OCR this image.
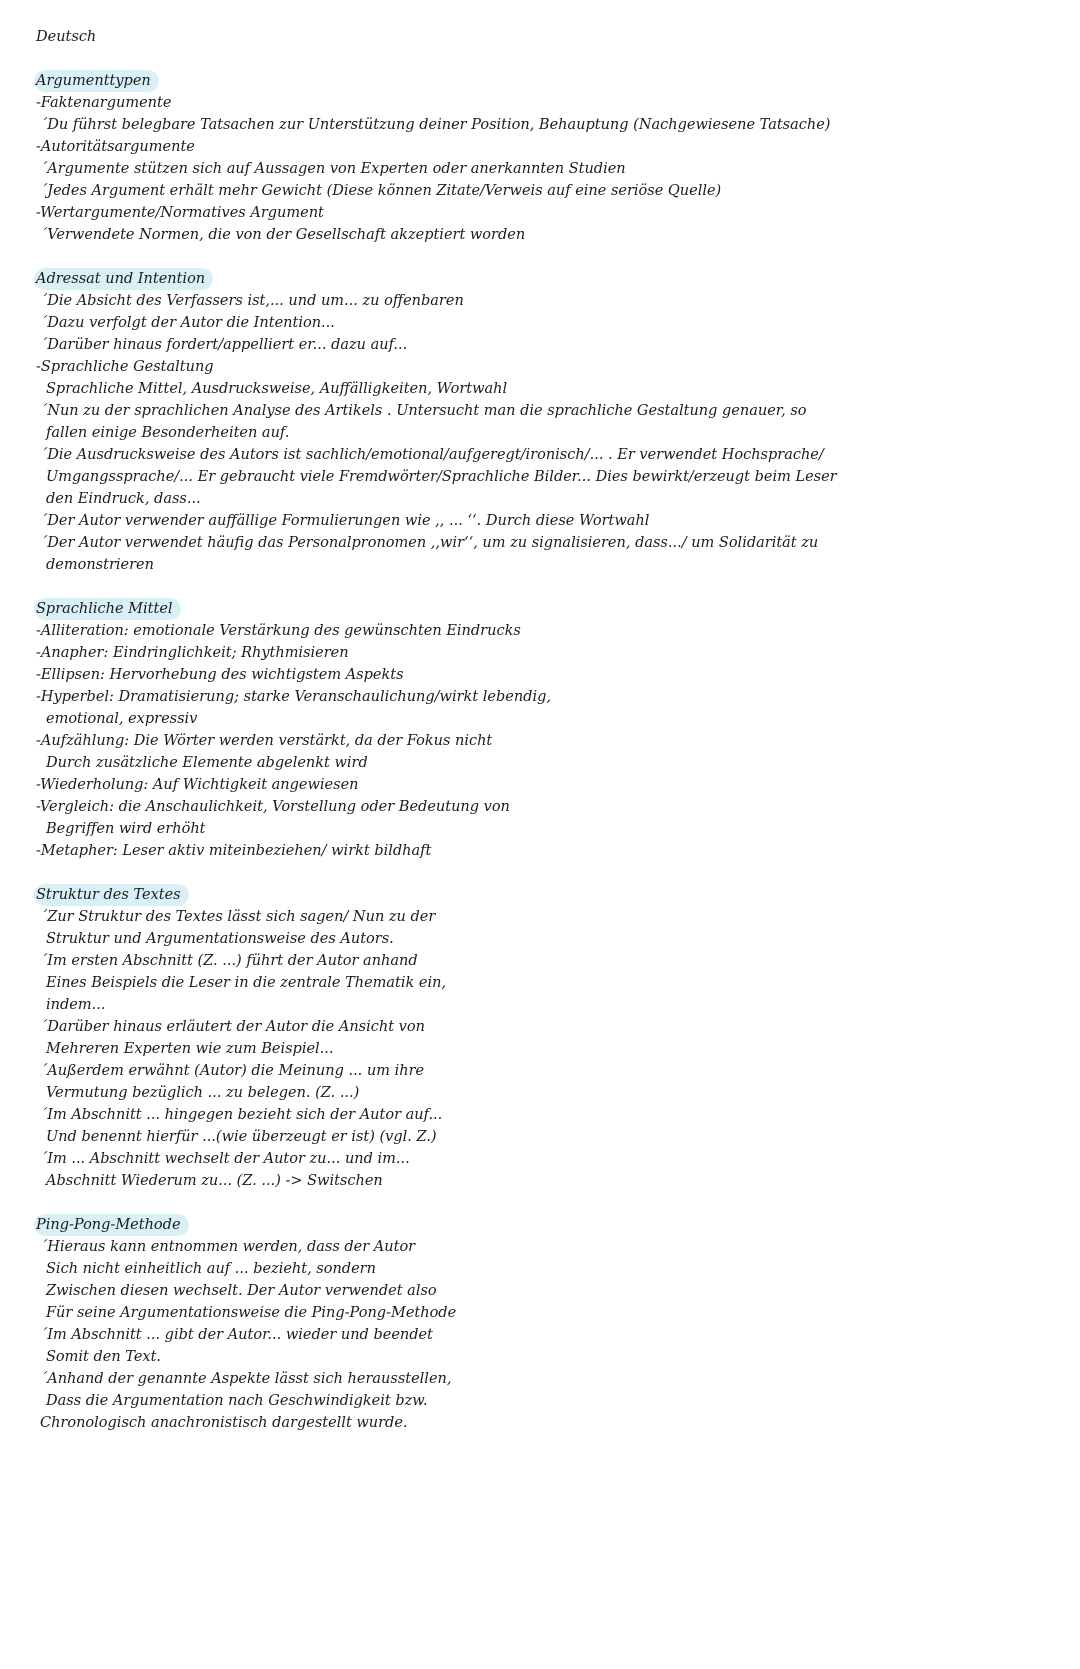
Deutsch
Argumenttypen
-Faktenargumente
´Du führst belegbare Tatsachen zur Unterstützung deiner Position, Behauptung (Nachgewiesene Tatsache)
-Autoritätsargumente
´Argumente stützen sich auf Aussagen von Experten oder anerkannten Studien
´Jedes Argument erhält mehr Gewicht (Diese können Zitate/Verweis auf eine seriöse Quelle)
-Wertargumente/Normatives Argument
´Verwendete Normen, die von der Gesellschaft akzeptiert worden
Adressat und Intention
´Die Absicht des Verfassers ist,... und um... zu offenbaren
´Dazu verfolgt der Autor die Intention...
´Darüber hinaus fordert/appelliert er... dazu auf...
-Sprachliche Gestaltung
Sprachliche Mittel, Ausdrucksweise, Auffälligkeiten, Wortwahl
´Nun zu der sprachlichen Analyse des Artikels . Untersucht man die sprachliche Gestaltung genauer, so
fallen einige Besonderheiten auf.
´Die Ausdrucksweise des Autors ist sachlich/emotional/aufgeregt/ironisch/... . Er verwendet Hochsprache/
Umgangssprache/... Er gebraucht viele Fremdwörter/Sprachliche Bilder... Dies bewirkt/erzeugt beim Leser
den Eindruck, dass...
´Der Autor verwender auffällige Formulierungen wie ,, ... ‘‘. Durch diese Wortwahl
´Der Autor verwendet häufig das Personalpronomen ,,wir‘‘, um zu signalisieren, dass.../ um Solidarität zu
demonstrieren
Sprachliche Mittel
-Alliteration: emotionale Verstärkung des gewünschten Eindrucks
-Anapher: Eindringlichkeit; Rhythmisieren
-Ellipsen: Hervorhebung des wichtigstem Aspekts
-Hyperbel: Dramatisierung; starke Veranschaulichung/wirkt lebendig,
emotional, expressiv
-Aufzählung: Die Wörter werden verstärkt, da der Fokus nicht
Durch zusätzliche Elemente abgelenkt wird
-Wiederholung: Auf Wichtigkeit angewiesen
-Vergleich: die Anschaulichkeit, Vorstellung oder Bedeutung von
Begriffen wird erhöht
-Metapher: Leser aktiv miteinbeziehen/ wirkt bildhaft
Struktur des Textes
´Zur Struktur des Textes lässt sich sagen/ Nun zu der
Struktur und Argumentationsweise des Autors.
´Im ersten Abschnitt (Z. ...) führt der Autor anhand
Eines Beispiels die Leser in die zentrale Thematik ein,
indem...
´Darüber hinaus erläutert der Autor die Ansicht von
Mehreren Experten wie zum Beispiel...
´Außerdem erwähnt (Autor) die Meinung ... um ihre
Vermutung bezüglich ... zu belegen. (Z. ...)
´Im Abschnitt ... hingegen bezieht sich der Autor auf...
Und benennt hierfür ...(wie überzeugt er ist) (vgl. Z.)
´Im ... Abschnitt wechselt der Autor zu... und im...
Abschnitt Wiederum zu... (Z. ...) -> Switschen
Ping-Pong-Methode
´Hieraus kann entnommen werden, dass der Autor
Sich nicht einheitlich auf ... bezieht, sondern
Zwischen diesen wechselt. Der Autor verwendet also
Für seine Argumentationsweise die Ping-Pong-Methode
´Im Abschnitt ... gibt der Autor... wieder und beendet
Somit den Text.
´Anhand der genannte Aspekte lässt sich herausstellen,
Dass die Argumentation nach Geschwindigkeit bzw.
Chronologisch anachronistisch dargestellt wurde.
